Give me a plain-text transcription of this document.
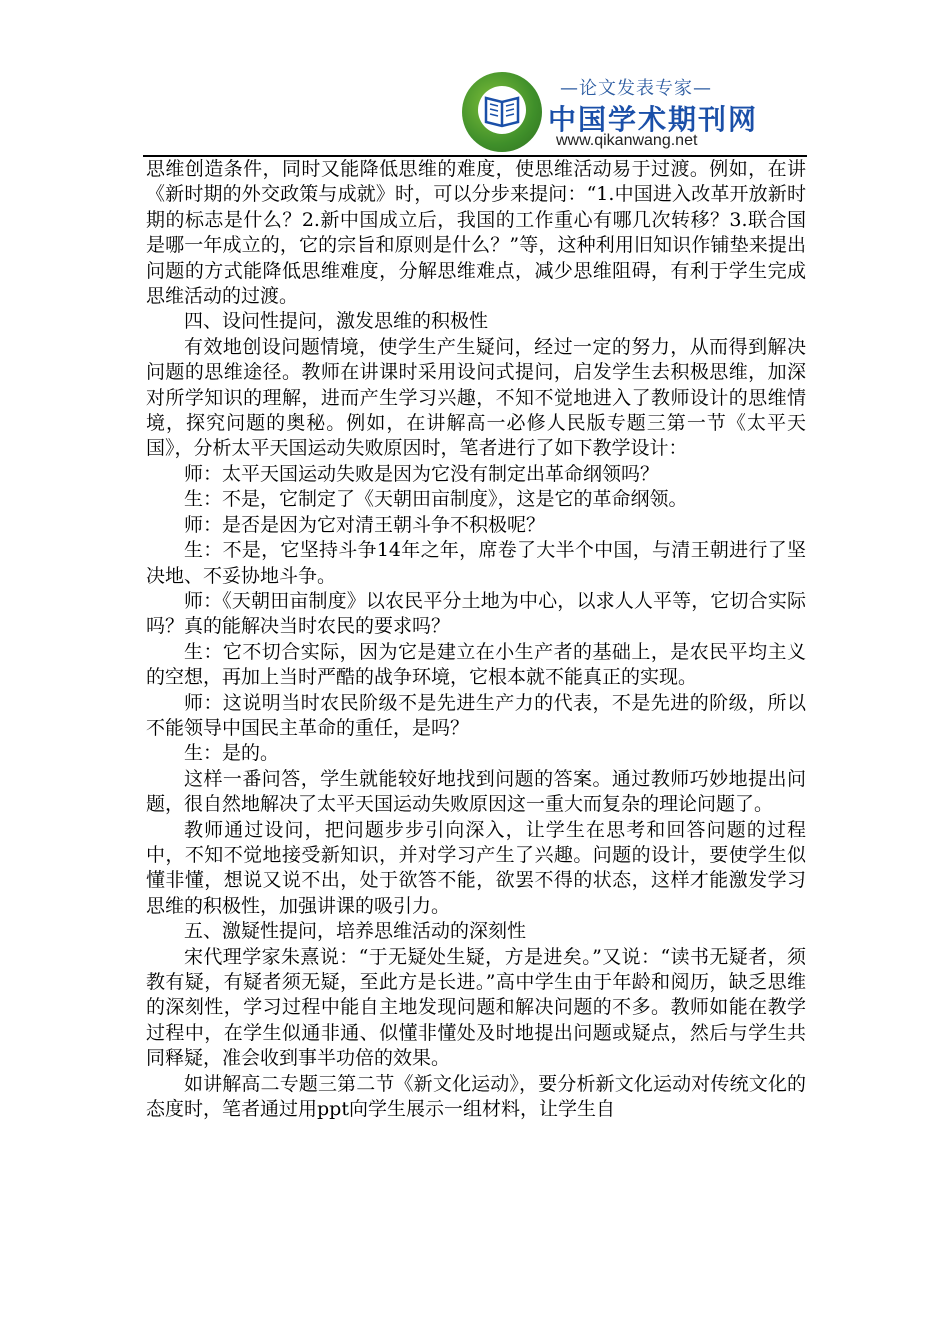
—论文发表专家—
中国学术期刊网
www.qikanwang.net

思维创造条件，同时又能降低思维的难度，使思维活动易于过渡。例如，在讲《新时期的外交政策与成就》时，可以分步来提问：“1.中国进入改革开放新时期的标志是什么？2.新中国成立后，我国的工作重心有哪几次转移？3.联合国是哪一年成立的，它的宗旨和原则是什么？”等，这种利用旧知识作铺垫来提出问题的方式能降低思维难度，分解思维难点，减少思维阻碍，有利于学生完成思维活动的过渡。

四、设问性提问，激发思维的积极性

有效地创设问题情境，使学生产生疑问，经过一定的努力，从而得到解决问题的思维途径。教师在讲课时采用设问式提问，启发学生去积极思维，加深对所学知识的理解，进而产生学习兴趣，不知不觉地进入了教师设计的思维情境，探究问题的奥秘。例如，在讲解高一必修人民版专题三第一节《太平天国》，分析太平天国运动失败原因时，笔者进行了如下教学设计：

师：太平天国运动失败是因为它没有制定出革命纲领吗？

生：不是，它制定了《天朝田亩制度》，这是它的革命纲领。

师：是否是因为它对清王朝斗争不积极呢？

生：不是，它坚持斗争14年之年，席卷了大半个中国，与清王朝进行了坚决地、不妥协地斗争。

师：《天朝田亩制度》以农民平分土地为中心，以求人人平等，它切合实际吗？真的能解决当时农民的要求吗？

生：它不切合实际，因为它是建立在小生产者的基础上，是农民平均主义的空想，再加上当时严酷的战争环境，它根本就不能真正的实现。

师：这说明当时农民阶级不是先进生产力的代表，不是先进的阶级，所以不能领导中国民主革命的重任，是吗？

生：是的。

这样一番问答，学生就能较好地找到问题的答案。通过教师巧妙地提出问题，很自然地解决了太平天国运动失败原因这一重大而复杂的理论问题了。

教师通过设问，把问题步步引向深入，让学生在思考和回答问题的过程中，不知不觉地接受新知识，并对学习产生了兴趣。问题的设计，要使学生似懂非懂，想说又说不出，处于欲答不能，欲罢不得的状态，这样才能激发学习思维的积极性，加强讲课的吸引力。

五、激疑性提问，培养思维活动的深刻性

宋代理学家朱熹说：“于无疑处生疑，方是进矣。”又说：“读书无疑者，须教有疑，有疑者须无疑，至此方是长进。”高中学生由于年龄和阅历，缺乏思维的深刻性，学习过程中能自主地发现问题和解决问题的不多。教师如能在教学过程中，在学生似通非通、似懂非懂处及时地提出问题或疑点，然后与学生共同释疑，准会收到事半功倍的效果。

如讲解高二专题三第二节《新文化运动》，要分析新文化运动对传统文化的态度时，笔者通过用ppt向学生展示一组材料，让学生自
